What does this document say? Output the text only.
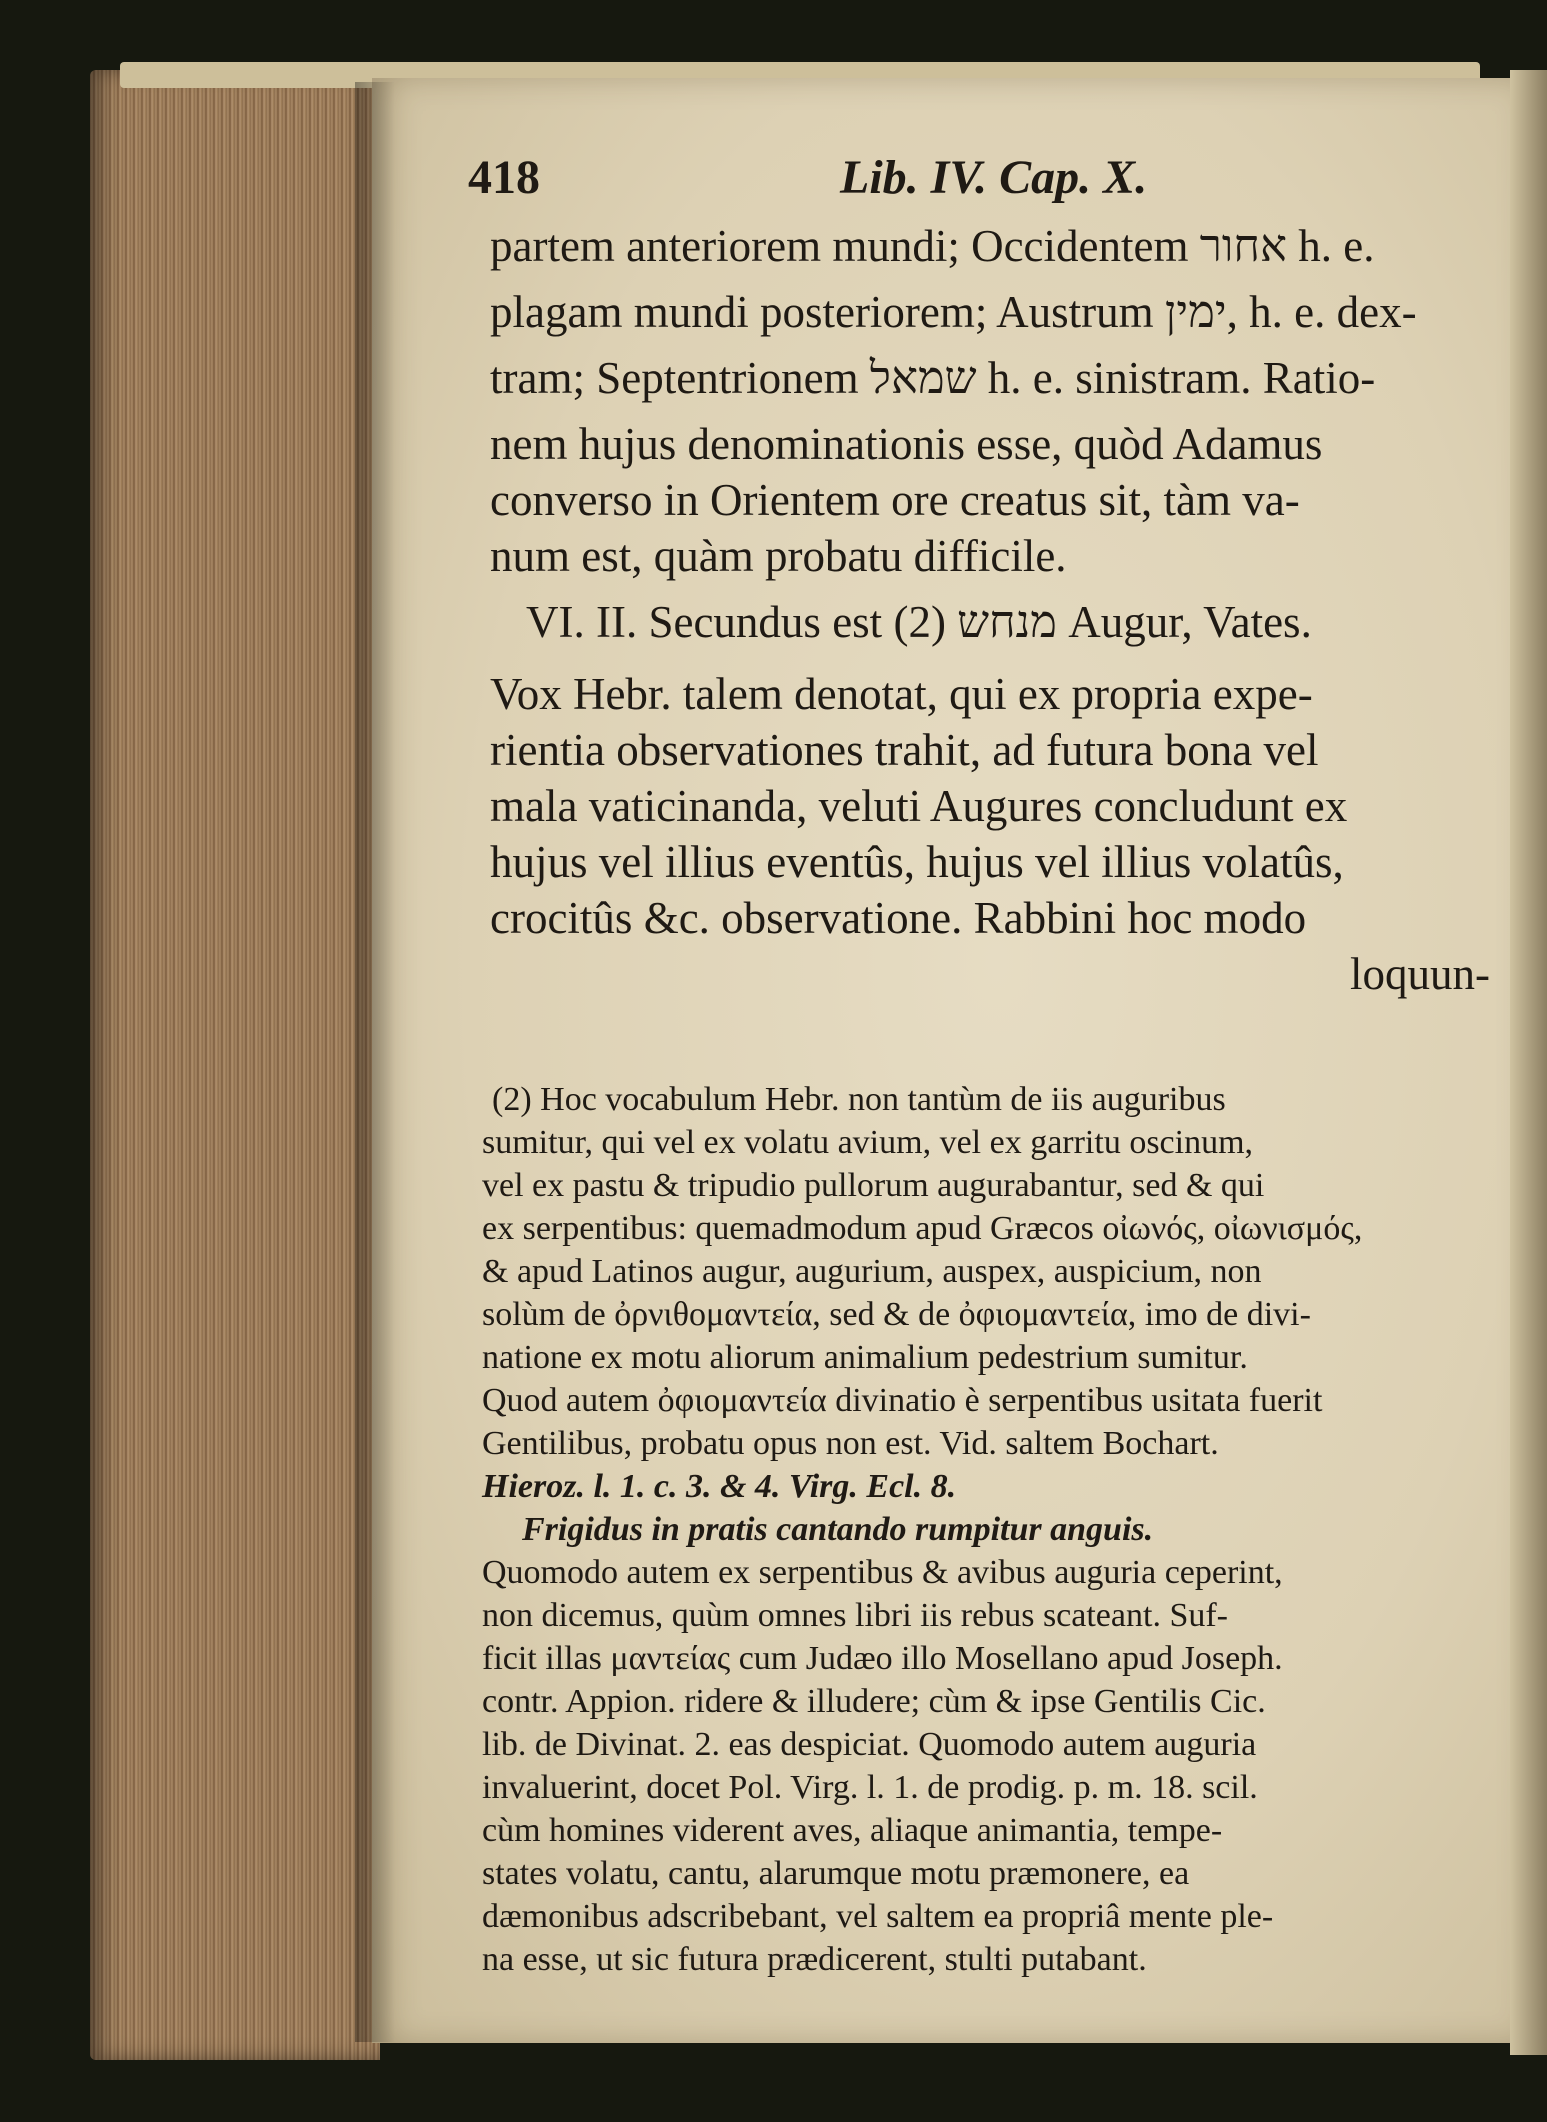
418	Lib. IV. Cap. X.
partem anteriorem mundi; Occidentem אחור h. e.
plagam mundi posteriorem; Austrum ימין, h. e. dex-
tram; Septentrionem שמאל h. e. sinistram. Ratio-
nem hujus denominationis esse, quòd Adamus
converso in Orientem ore creatus sit, tàm va-
num est, quàm probatu difficile.
VI. II. Secundus est מנחש (2) Augur, Vates.
Vox Hebr. talem denotat, qui ex propria expe-
rientia observationes trahit, ad futura bona vel
mala vaticinanda, veluti Augures concludunt ex
hujus vel illius eventûs, hujus vel illius volatûs,
crocitûs &c. observatione. Rabbini hoc modo
loquun-
(2) Hoc vocabulum Hebr. non tantùm de iis auguribus
sumitur, qui vel ex volatu avium, vel ex garritu oscinum,
vel ex pastu & tripudio pullorum augurabantur, sed & qui
ex serpentibus: quemadmodum apud Græcos οἰωνός, οἰωνισμός,
& apud Latinos augur, augurium, auspex, auspicium, non
solùm de ὀρνιθομαντεία, sed & de ὀφιομαντεία, imo de divi-
natione ex motu aliorum animalium pedestrium sumitur.
Quod autem ὀφιομαντεία divinatio è serpentibus usitata fuerit
Gentilibus, probatu opus non est. Vid. saltem Bochart.
Hieroz. l. 1. c. 3. & 4. Virg. Ecl. 8.
Frigidus in pratis cantando rumpitur anguis.
Quomodo autem ex serpentibus & avibus auguria ceperint,
non dicemus, quùm omnes libri iis rebus scateant. Suf-
ficit illas μαντείας cum Judæo illo Mosellano apud Joseph.
contr. Appion. ridere & illudere; cùm & ipse Gentilis Cic.
lib. de Divinat. 2. eas despiciat. Quomodo autem auguria
invaluerint, docet Pol. Virg. l. 1. de prodig. p. m. 18. scil.
cùm homines viderent aves, aliaque animantia, tempe-
states volatu, cantu, alarumque motu præmonere, ea
dæmonibus adscribebant, vel saltem ea propriâ mente ple-
na esse, ut sic futura prædicerent, stulti putabant.
